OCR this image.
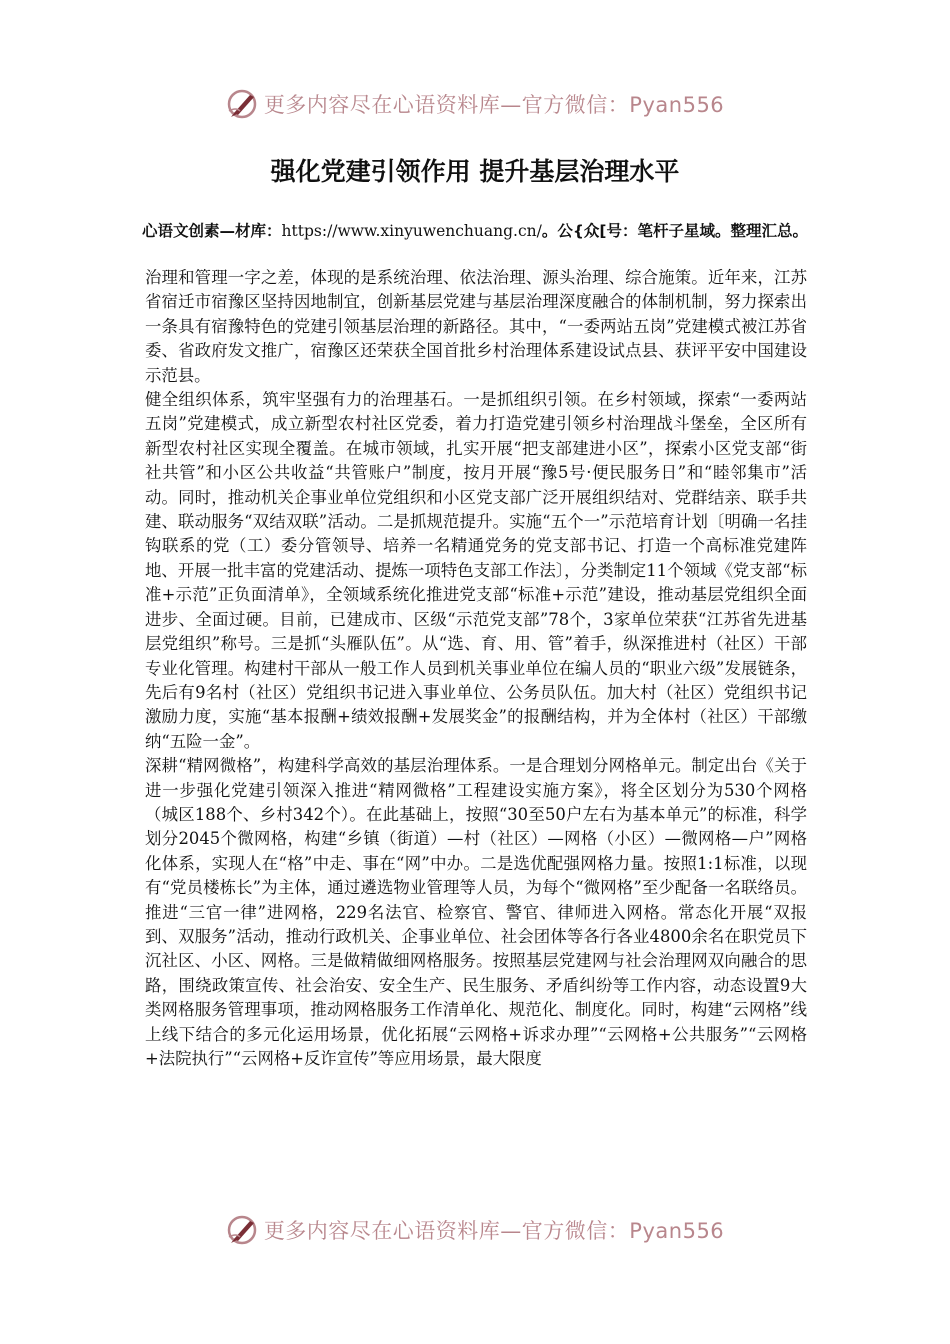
更多内容尽在心语资料库—官方微信：Pyan556
强化党建引领作用 提升基层治理水平
心语文创素—材库：https://www.xinyuwenchuang.cn/。公{众[号：笔杆子星域。整理汇总。

治理和管理一字之差，体现的是系统治理、依法治理、源头治理、综合施策。近年来，江苏省宿迁市宿豫区坚持因地制宜，创新基层党建与基层治理深度融合的体制机制，努力探索出一条具有宿豫特色的党建引领基层治理的新路径。其中，“一委两站五岗”党建模式被江苏省委、省政府发文推广，宿豫区还荣获全国首批乡村治理体系建设试点县、获评平安中国建设示范县。

健全组织体系，筑牢坚强有力的治理基石。一是抓组织引领。在乡村领域，探索“一委两站五岗”党建模式，成立新型农村社区党委，着力打造党建引领乡村治理战斗堡垒，全区所有新型农村社区实现全覆盖。在城市领域，扎实开展“把支部建进小区”，探索小区党支部“街社共管”和小区公共收益“共管账户”制度，按月开展“豫5号·便民服务日”和“睦邻集市”活动。同时，推动机关企事业单位党组织和小区党支部广泛开展组织结对、党群结亲、联手共建、联动服务“双结双联”活动。二是抓规范提升。实施“五个一”示范培育计划〔明确一名挂钩联系的党（工）委分管领导、培养一名精通党务的党支部书记、打造一个高标准党建阵地、开展一批丰富的党建活动、提炼一项特色支部工作法〕，分类制定11个领域《党支部“标准+示范”正负面清单》，全领域系统化推进党支部“标准+示范”建设，推动基层党组织全面进步、全面过硬。目前，已建成市、区级“示范党支部”78个，3家单位荣获“江苏省先进基层党组织”称号。三是抓“头雁队伍”。从“选、育、用、管”着手，纵深推进村（社区）干部专业化管理。构建村干部从一般工作人员到机关事业单位在编人员的“职业六级”发展链条，先后有9名村（社区）党组织书记进入事业单位、公务员队伍。加大村（社区）党组织书记激励力度，实施“基本报酬+绩效报酬+发展奖金”的报酬结构，并为全体村（社区）干部缴纳“五险一金”。

深耕“精网微格”，构建科学高效的基层治理体系。一是合理划分网格单元。制定出台《关于进一步强化党建引领深入推进“精网微格”工程建设实施方案》，将全区划分为530个网格（城区188个、乡村342个）。在此基础上，按照“30至50户左右为基本单元”的标准，科学划分2045个微网格，构建“乡镇（街道）—村（社区）—网格（小区）—微网格—户”网格化体系，实现人在“格”中走、事在“网”中办。二是选优配强网格力量。按照1:1标准，以现有“党员楼栋长”为主体，通过遴选物业管理等人员，为每个“微网格”至少配备一名联络员。推进“三官一律”进网格，229名法官、检察官、警官、律师进入网格。常态化开展“双报到、双服务”活动，推动行政机关、企事业单位、社会团体等各行各业4800余名在职党员下沉社区、小区、网格。三是做精做细网格服务。按照基层党建网与社会治理网双向融合的思路，围绕政策宣传、社会治安、安全生产、民生服务、矛盾纠纷等工作内容，动态设置9大类网格服务管理事项，推动网格服务工作清单化、规范化、制度化。同时，构建“云网格”线上线下结合的多元化运用场景，优化拓展“云网格+诉求办理”“云网格+公共服务”“云网格+法院执行”“云网格+反诈宣传”等应用场景，最大限度

更多内容尽在心语资料库—官方微信：Pyan556
